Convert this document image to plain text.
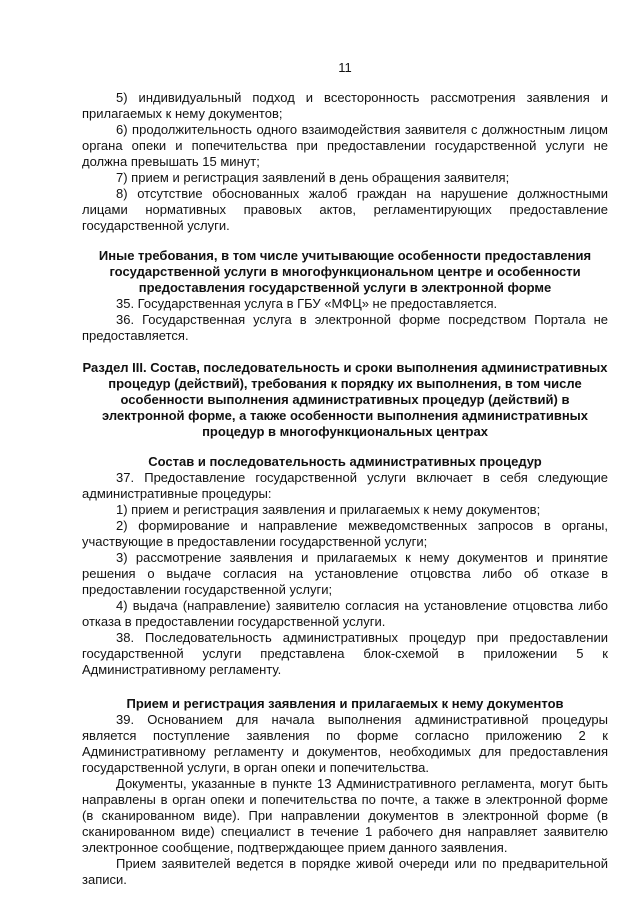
11

5) индивидуальный подход и всесторонность рассмотрения заявления и прилагаемых к нему документов;

6) продолжительность одного взаимодействия заявителя с должностным лицом органа опеки и попечительства при предоставлении государственной услуги не должна превышать 15 минут;

7) прием и регистрация заявлений в день обращения заявителя;

8) отсутствие обоснованных жалоб граждан на нарушение должностными лицами нормативных правовых актов, регламентирующих предоставление государственной услуги.

Иные требования, в том числе учитывающие особенности предоставления государственной услуги в многофункциональном центре и особенности предоставления государственной услуги в электронной форме

35. Государственная услуга в ГБУ «МФЦ» не предоставляется.

36. Государственная услуга в электронной форме посредством Портала не предоставляется.

Раздел III. Состав, последовательность и сроки выполнения административных процедур (действий), требования к порядку их выполнения, в том числе особенности выполнения административных процедур (действий) в электронной форме, а также особенности выполнения административных процедур в многофункциональных центрах
Состав и последовательность административных процедур

37. Предоставление государственной услуги включает в себя следующие административные процедуры:

1) прием и регистрация заявления и прилагаемых к нему документов;

2) формирование и направление межведомственных запросов в органы, участвующие в предоставлении государственной услуги;

3) рассмотрение заявления и прилагаемых к нему документов и принятие решения о выдаче согласия на установление отцовства либо об отказе в предоставлении государственной услуги;

4) выдача (направление) заявителю согласия на установление отцовства либо отказа в предоставлении государственной услуги.

38. Последовательность административных процедур при предоставлении государственной услуги представлена блок-схемой в приложении 5 к Административному регламенту.

Прием и регистрация заявления и прилагаемых к нему документов

39. Основанием для начала выполнения административной процедуры является поступление заявления по форме согласно приложению 2 к Административному регламенту и документов, необходимых для предоставления государственной услуги, в орган опеки и попечительства.

Документы, указанные в пункте 13 Административного регламента, могут быть направлены в орган опеки и попечительства по почте, а также в электронной форме (в сканированном виде). При направлении документов в электронной форме (в сканированном виде) специалист в течение 1 рабочего дня направляет заявителю электронное сообщение, подтверждающее прием данного заявления.

Прием заявителей ведется в порядке живой очереди или по предварительной записи.
